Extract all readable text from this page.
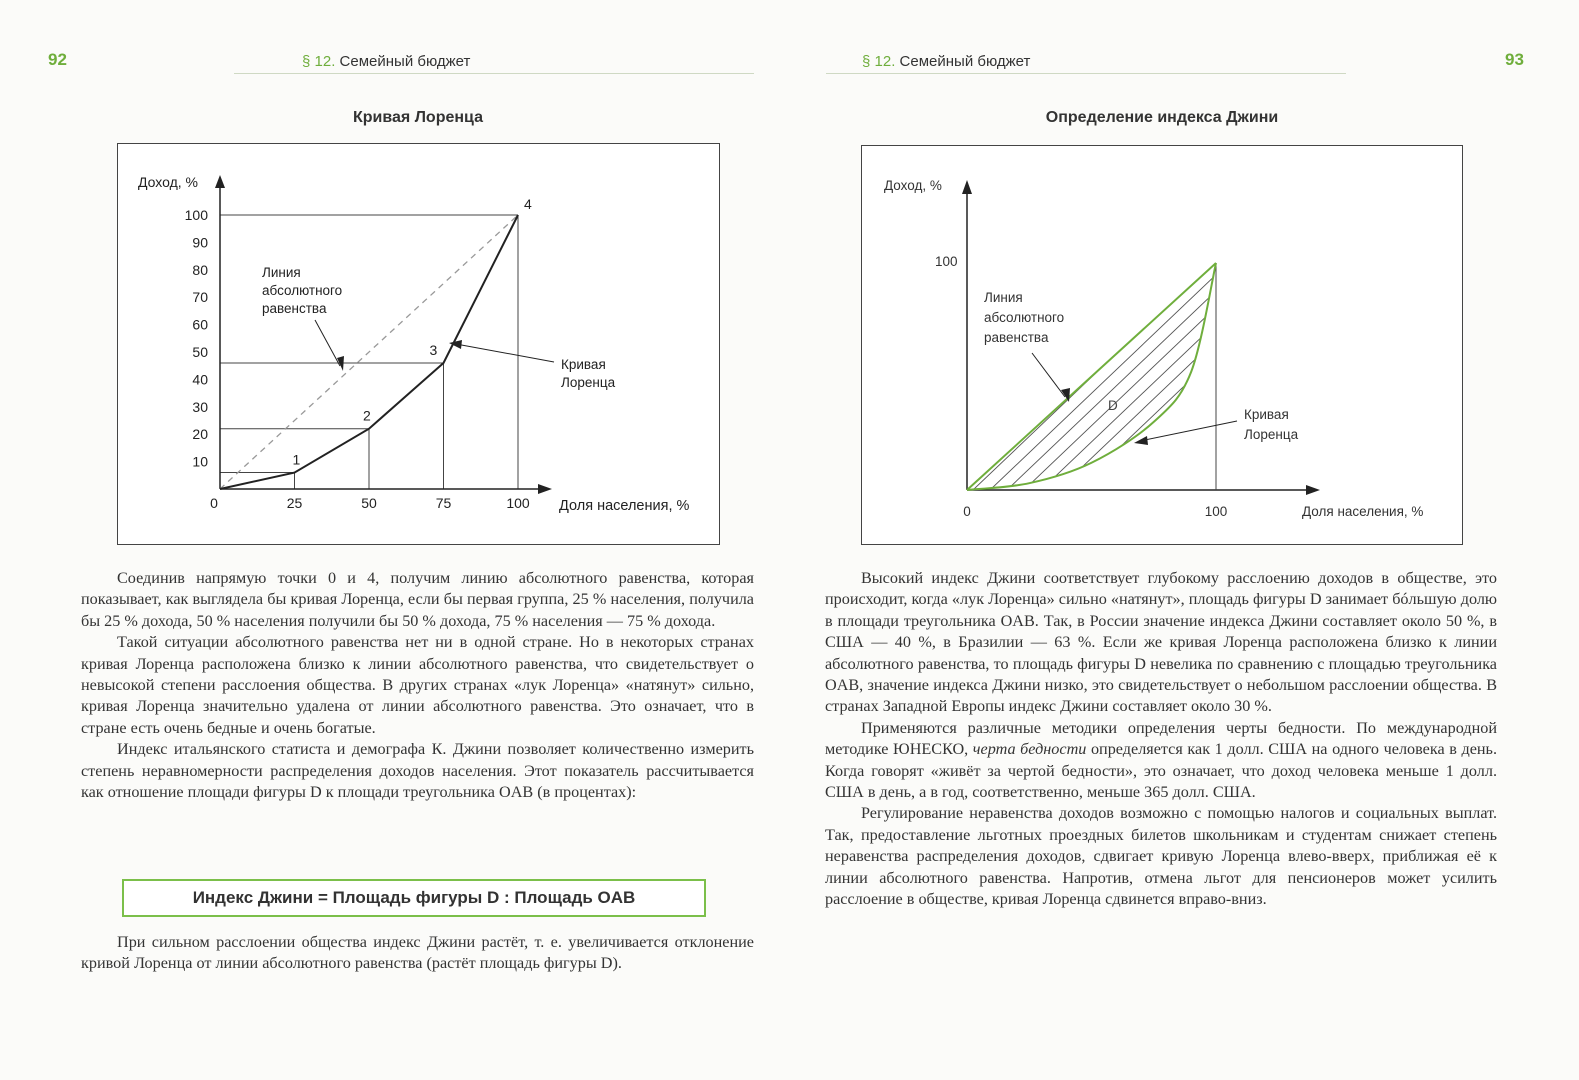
92	§ 12. Семейный бюджет	§ 12. Семейный бюджет	93
Кривая Лоренца
25	50	75	100
10
20
30
40
50
60
70
80
90
100
1
2
3
4
Доход, %
Доля населения, %
0
Линия
абсолютного
равенства
Кривая
Лоренца
Определение индекса Джини
Доход, %
100
100
0	Доля населения, %
D
Линия
абсолютного
равенства
Кривая
Лоренца

Соединив напрямую точки 0 и 4, получим линию абсолютного равенства, которая показывает, как выглядела бы кривая Лоренца, если бы первая группа, 25 % населения, получила бы 25 % дохода, 50 % населения получили бы 50 % дохода, 75 % населения — 75 % дохода.

Такой ситуации абсолютного равенства нет ни в одной стране. Но в некоторых странах кривая Лоренца расположена близко к линии абсолютного равенства, что свидетельствует о невысокой степени расслоения общества. В других странах «лук Лоренца» «натянут» сильно, кривая Лоренца значительно удалена от линии абсолютного равенства. Это означает, что в стране есть очень бедные и очень богатые.

Индекс итальянского статиста и демографа К. Джини позволяет количественно измерить степень неравномерности распределения доходов населения. Этот показатель рассчитывается как отношение площади фигуры D к площади треугольника OAB (в процентах):

Индекс Джини = Площадь фигуры D : Площадь OAB

При сильном расслоении общества индекс Джини растёт, т. е. увеличивается отклонение кривой Лоренца от линии абсолютного равенства (растёт площадь фигуры D).

Высокий индекс Джини соответствует глубокому расслоению доходов в обществе, это происходит, когда «лук Лоренца» сильно «натянут», площадь фигуры D занимает бóльшую долю в площади треугольника OAB. Так, в России значение индекса Джини составляет около 50 %, в США — 40 %, в Бразилии — 63 %. Если же кривая Лоренца расположена близко к линии абсолютного равенства, то площадь фигуры D невелика по сравнению с площадью треугольника OAB, значение индекса Джини низко, это свидетельствует о небольшом расслоении общества. В странах Западной Европы индекс Джини составляет около 30 %.

Применяются различные методики определения черты бедности. По международной методике ЮНЕСКО, черта бедности определяется как 1 долл. США на одного человека в день. Когда говорят «живёт за чертой бедности», это означает, что доход человека меньше 1 долл. США в день, а в год, соответственно, меньше 365 долл. США.

Регулирование неравенства доходов возможно с помощью налогов и социальных выплат. Так, предоставление льготных проездных билетов школьникам и студентам снижает степень неравенства распределения доходов, сдвигает кривую Лоренца влево-вверх, приближая её к линии абсолютного равенства. Напротив, отмена льгот для пенсионеров может усилить расслоение в обществе, кривая Лоренца сдвинется вправо-вниз.
